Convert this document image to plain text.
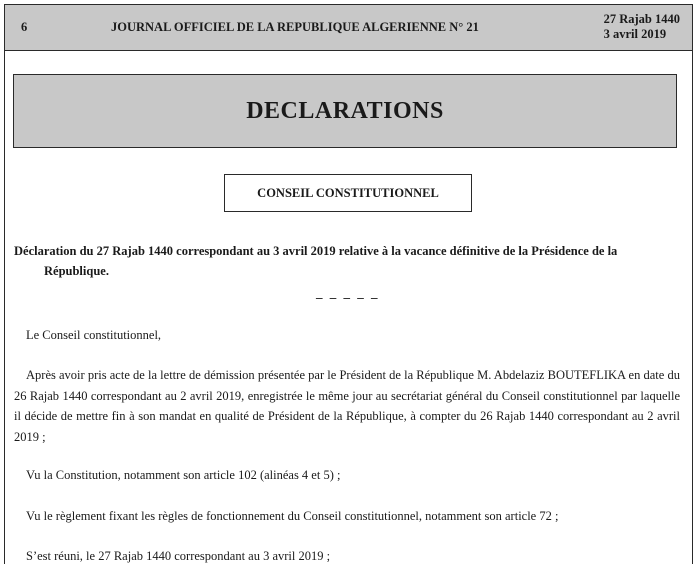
6	JOURNAL OFFICIEL DE LA REPUBLIQUE ALGERIENNE N° 21
27 Rajab 1440
3 avril 2019
DECLARATIONS
CONSEIL CONSTITUTIONNEL
Déclaration du 27 Rajab 1440 correspondant au 3 avril 2019 relative à la vacance définitive de la Présidence de la
République.
_ _ _ _ _
Le Conseil constitutionnel,
Après avoir pris acte de la lettre de démission présentée par le Président de la République M. Abdelaziz BOUTEFLIKA en date du 26 Rajab 1440 correspondant au 2 avril 2019, enregistrée le même jour au secrétariat général du Conseil constitutionnel par laquelle il décide de mettre fin à son mandat en qualité de Président de la République, à compter du 26 Rajab 1440 correspondant au 2 avril 2019 ;
Vu la Constitution, notamment son article 102 (alinéas 4 et 5) ;
Vu le règlement fixant les règles de fonctionnement du Conseil constitutionnel, notamment son article 72 ;
S’est réuni, le 27 Rajab 1440 correspondant au 3 avril 2019 ;
